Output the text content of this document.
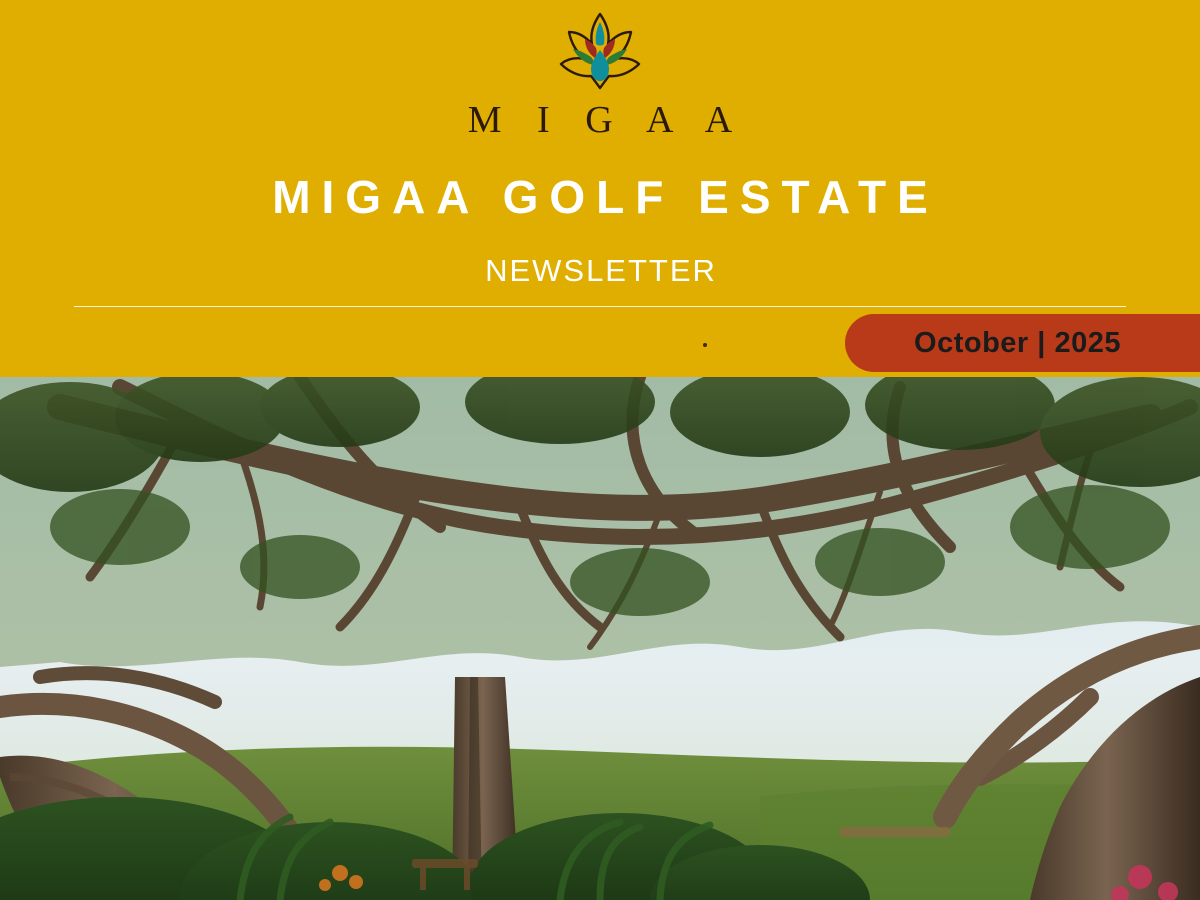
M I G A A
MIGAA GOLF ESTATE
NEWSLETTER
October | 2025
